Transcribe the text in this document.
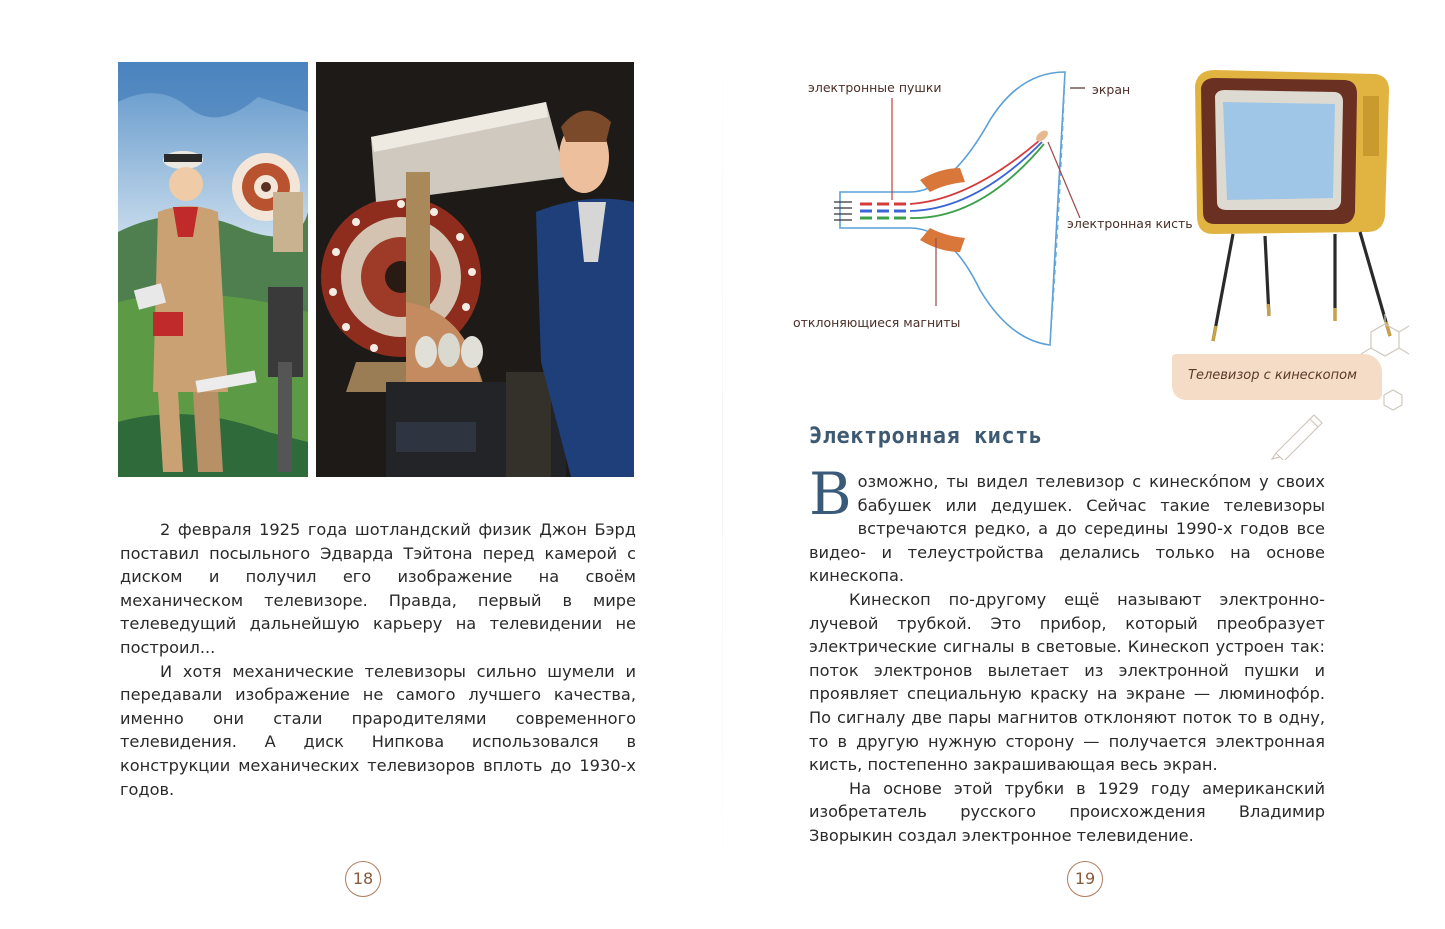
2 февраля 1925 года шотландский физик Джон Бэрд поставил посыльного Эдварда Тэйтона перед камерой с диском и получил его изображение на своём механическом телевизоре. Правда, первый в мире телеведущий дальнейшую карьеру на телевидении не построил...

И хотя механические телевизоры сильно шумели и передавали изображение не самого лучшего качества, именно они стали прародителями современного телевидения. А диск Нипкова использовался в конструкции механических телевизоров вплоть до 1930-х годов.

18
электронные пушки	экран
электронная кисть
отклоняющиеся магниты
Телевизор с кинескопом
Электронная кисть

Возможно, ты видел телевизор с кинеско́пом у своих бабушек или дедушек. Сейчас такие телевизоры встречаются редко, а до середины 1990-х годов все видео- и телеустройства делались только на основе кинескопа.

Кинескоп по-другому ещё называют электронно-лучевой трубкой. Это прибор, который преобразует электрические сигналы в световые. Кинескоп устроен так: поток электронов вылетает из электронной пушки и проявляет специальную краску на экране — люминофо́р. По сигналу две пары магнитов отклоняют поток то в одну, то в другую нужную сторону — получается электронная кисть, постепенно закрашивающая весь экран.

На основе этой трубки в 1929 году американский изобретатель русского происхождения Владимир Зворыкин создал электронное телевидение.

19
